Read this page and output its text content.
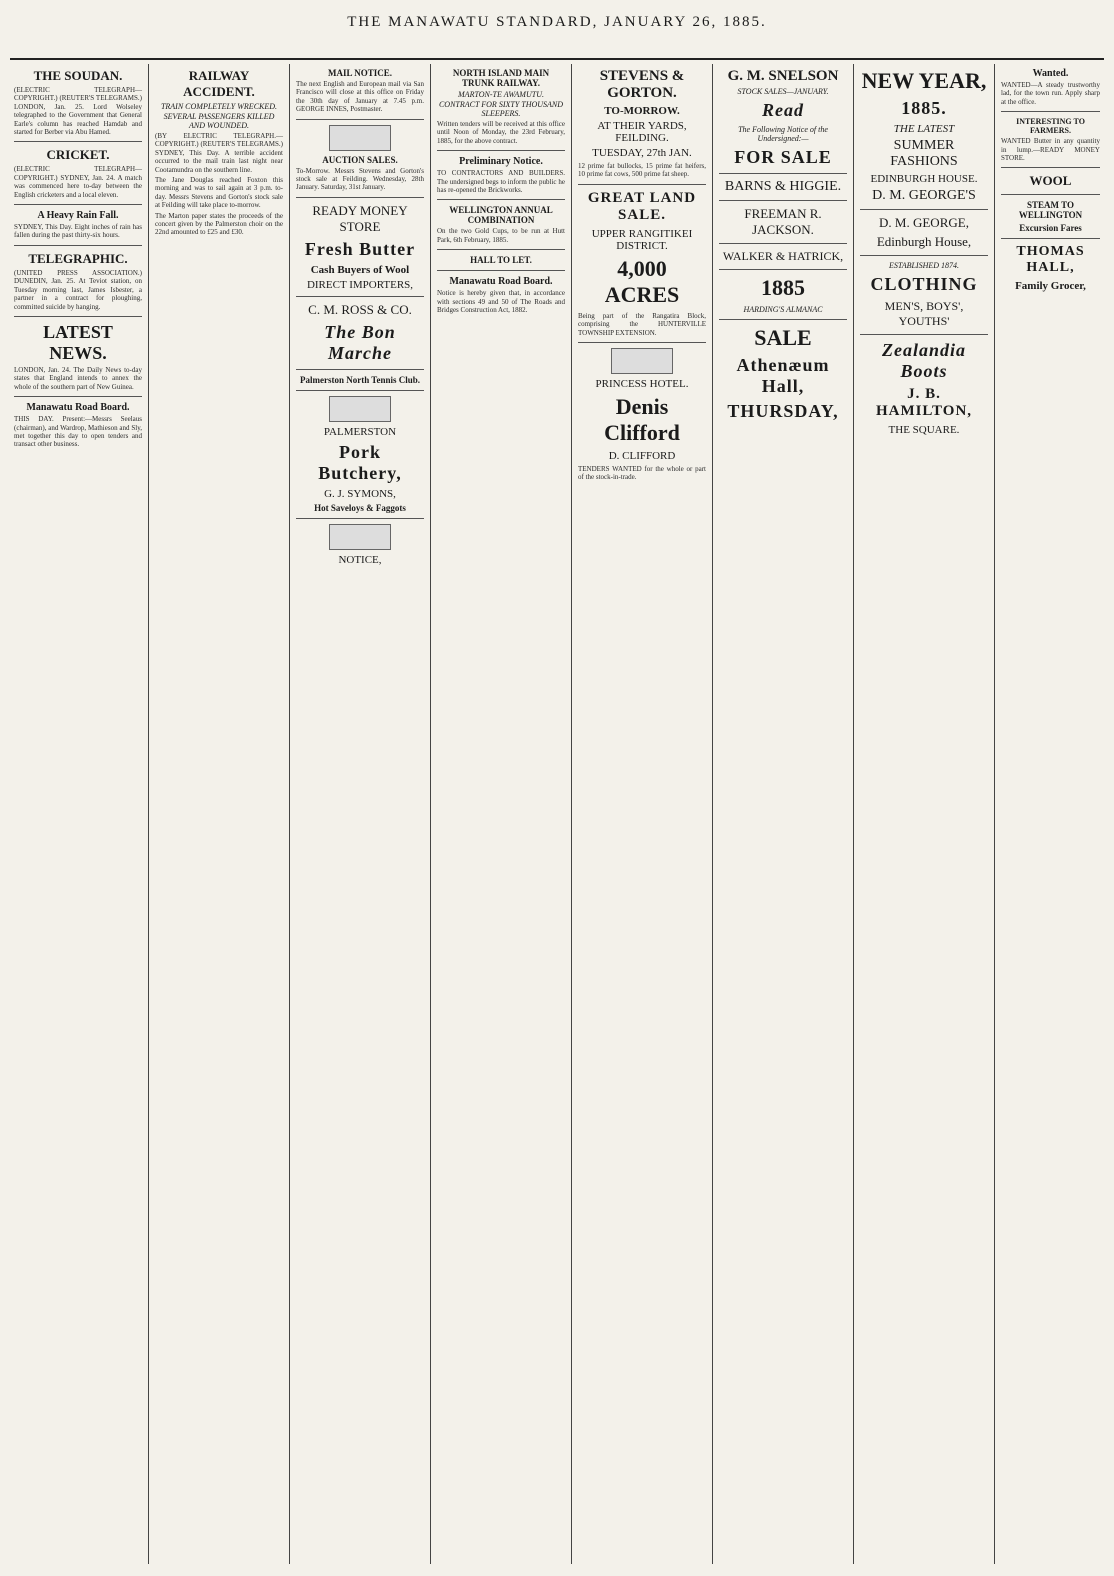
THE MANAWATU STANDARD, JANUARY 26, 1885.
THE SOUDAN.
(ELECTRIC TELEGRAPH—COPYRIGHT.) (REUTER'S TELEGRAMS.) LONDON, Jan. 25. Lord Wolseley telegraphed to the Government that General Earle's column has reached Hamdab and started for Berber via Abu Hamed.
CRICKET.
(ELECTRIC TELEGRAPH—COPYRIGHT.) SYDNEY, Jan. 24. A match was commenced here to-day between the English cricketers and a local eleven.
A Heavy Rain Fall.
SYDNEY, This Day. Eight inches of rain has fallen during the past thirty-six hours.
TELEGRAPHIC.
(UNITED PRESS ASSOCIATION.) DUNEDIN, Jan. 25. At Teviot station, on Tuesday morning last, James Isbester, a partner in a contract for ploughing, committed suicide by hanging.
LATEST NEWS.
LONDON, Jan. 24. The Daily News to-day states that England intends to annex the whole of the southern part of New Guinea.
Manawatu Road Board.
THIS DAY. Present:—Messrs Seelaus (chairman), and Wardrop, Mathieson and Sly, met together this day to open tenders and transact other business.
RAILWAY ACCIDENT.
TRAIN COMPLETELY WRECKED.
SEVERAL PASSENGERS KILLED AND WOUNDED.
(BY ELECTRIC TELEGRAPH.—COPYRIGHT.) (REUTER'S TELEGRAMS.) SYDNEY, This Day. A terrible accident occurred to the mail train last night near Cootamundra on the southern line.
The Jane Douglas reached Foxton this morning and was to sail again at 3 p.m. to-day. Messrs Stevens and Gorton's stock sale at Feilding will take place to-morrow.
The Marton paper states the proceeds of the concert given by the Palmerston choir on the 22nd amounted to £25 and £30.
MAIL NOTICE.
The next English and European mail via San Francisco will close at this office on Friday the 30th day of January at 7.45 p.m. GEORGE INNES, Postmaster.
AUCTION SALES.
To-Morrow. Messrs Stevens and Gorton's stock sale at Feilding. Wednesday, 28th January. Saturday, 31st January.
READY MONEY STORE
Fresh Butter
Cash Buyers of Wool
DIRECT IMPORTERS,
C. M. ROSS & CO.
The Bon Marche
Palmerston North Tennis Club.
PALMERSTON
Pork Butchery,
G. J. SYMONS,
Hot Saveloys & Faggots
NOTICE,
NORTH ISLAND MAIN TRUNK RAILWAY.
MARTON-TE AWAMUTU.
CONTRACT FOR SIXTY THOUSAND SLEEPERS.
Written tenders will be received at this office until Noon of Monday, the 23rd February, 1885, for the above contract.
Preliminary Notice.
TO CONTRACTORS AND BUILDERS. The undersigned begs to inform the public he has re-opened the Brickworks.
WELLINGTON ANNUAL COMBINATION
On the two Gold Cups, to be run at Hutt Park, 6th February, 1885.
HALL TO LET.
Manawatu Road Board.
Notice is hereby given that, in accordance with sections 49 and 50 of The Roads and Bridges Construction Act, 1882.
STEVENS & GORTON.
TO-MORROW.
AT THEIR YARDS, FEILDING.
TUESDAY, 27th JAN.
12 prime fat bullocks, 15 prime fat heifers, 10 prime fat cows, 500 prime fat sheep.
GREAT LAND SALE.
UPPER RANGITIKEI DISTRICT.
4,000 ACRES
Being part of the Rangatira Block, comprising the HUNTERVILLE TOWNSHIP EXTENSION.
PRINCESS HOTEL.
Denis Clifford
D. CLIFFORD
TENDERS WANTED for the whole or part of the stock-in-trade.
G. M. SNELSON
STOCK SALES—JANUARY.
Read
The Following Notice of the Undersigned:—
FOR SALE
BARNS & HIGGIE.
FREEMAN R. JACKSON.
WALKER & HATRICK,
1885
HARDING'S ALMANAC
SALE
Athenæum Hall,
THURSDAY,
NEW YEAR,
1885.
THE LATEST
SUMMER FASHIONS
EDINBURGH HOUSE.
D. M. GEORGE'S
D. M. GEORGE,
Edinburgh House,
ESTABLISHED 1874.
CLOTHING
MEN'S, BOYS', YOUTHS'
Zealandia Boots
J. B. HAMILTON,
THE SQUARE.
Wanted.
WANTED—A steady trustworthy lad, for the town run. Apply sharp at the office.
INTERESTING TO FARMERS.
WANTED Butter in any quantity in lump.—READY MONEY STORE.
WOOL
STEAM TO WELLINGTON
Excursion Fares
THOMAS HALL,
Family Grocer,
